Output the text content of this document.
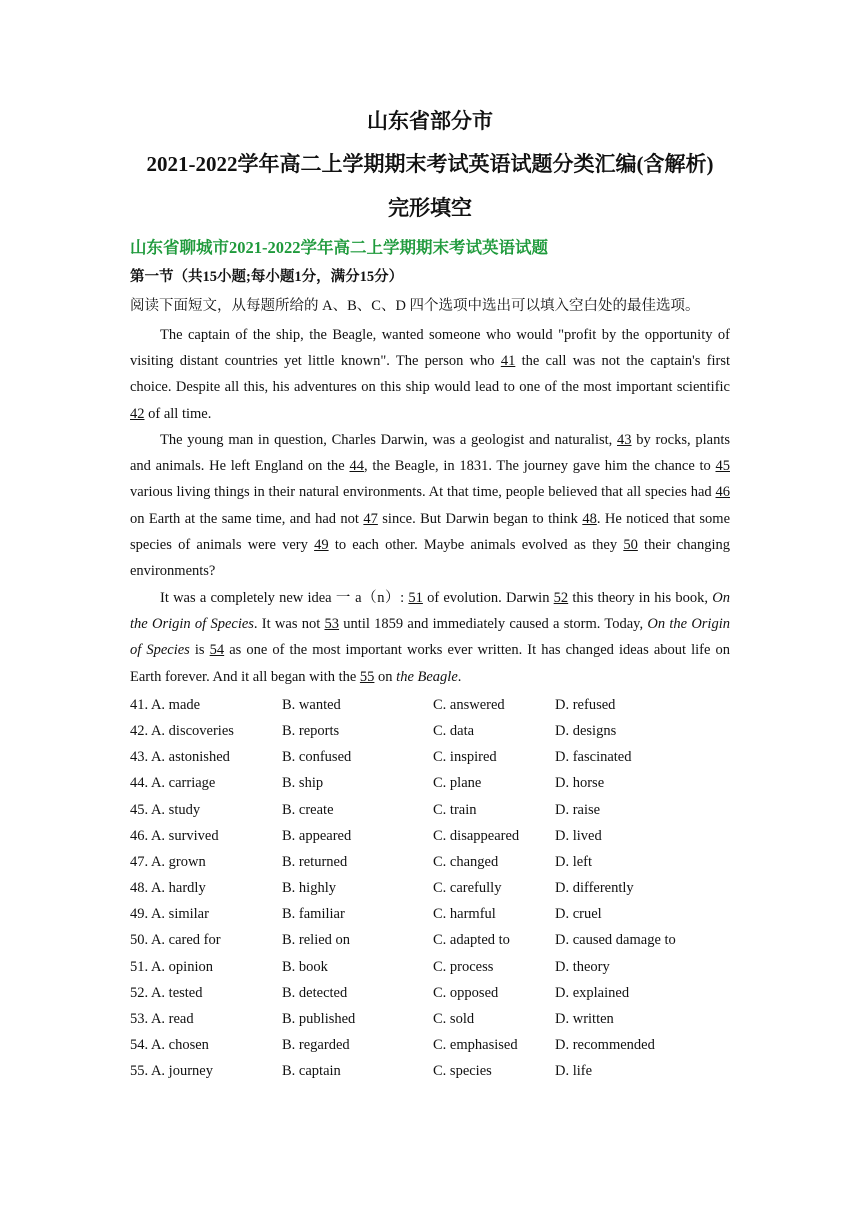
山东省部分市
2021-2022学年高二上学期期末考试英语试题分类汇编(含解析)
完形填空
山东省聊城市2021-2022学年高二上学期期末考试英语试题
第一节（共15小题;每小题1分，满分15分）
阅读下面短文，从每题所给的 A、B、C、D 四个选项中选出可以填入空白处的最佳选项。

The captain of the ship, the Beagle, wanted someone who would "profit by the opportunity of visiting distant countries yet little known". The person who 41 the call was not the captain's first choice. Despite all this, his adventures on this ship would lead to one of the most important scientific 42 of all time.

The young man in question, Charles Darwin, was a geologist and naturalist, 43 by rocks, plants and animals. He left England on the 44, the Beagle, in 1831. The journey gave him the chance to 45 various living things in their natural environments. At that time, people believed that all species had 46 on Earth at the same time, and had not 47 since. But Darwin began to think 48. He noticed that some species of animals were very 49 to each other. Maybe animals evolved as they 50 their changing environments?

It was a completely new idea 一 a（n）: 51 of evolution. Darwin 52 this theory in his book, On the Origin of Species. It was not 53 until 1859 and immediately caused a storm. Today, On the Origin of Species is 54 as one of the most important works ever written. It has changed ideas about life on Earth forever. And it all began with the 55 on the Beagle.

41. A. made	B. wanted	C. answered	D. refused
42. A. discoveries	B. reports	C. data	D. designs
43. A. astonished	B. confused	C. inspired	D. fascinated
44. A. carriage	B. ship	C. plane	D. horse
45. A. study	B. create	C. train	D. raise
46. A. survived	B. appeared	C. disappeared D. lived
47. A. grown	B. returned	C. changed	D. left
48. A. hardly	B. highly	C. carefully	D. differently
49. A. similar	B. familiar	C. harmful	D. cruel
50. A. cared for	B. relied on	C. adapted to	D. caused damage to
51. A. opinion	B. book	C. process	D. theory
52. A. tested	B. detected	C. opposed	D. explained
53. A. read	B. published	C. sold	D. written
54. A. chosen	B. regarded	C. emphasised	D. recommended
55. A. journey	B. captain	C. species	D. life
